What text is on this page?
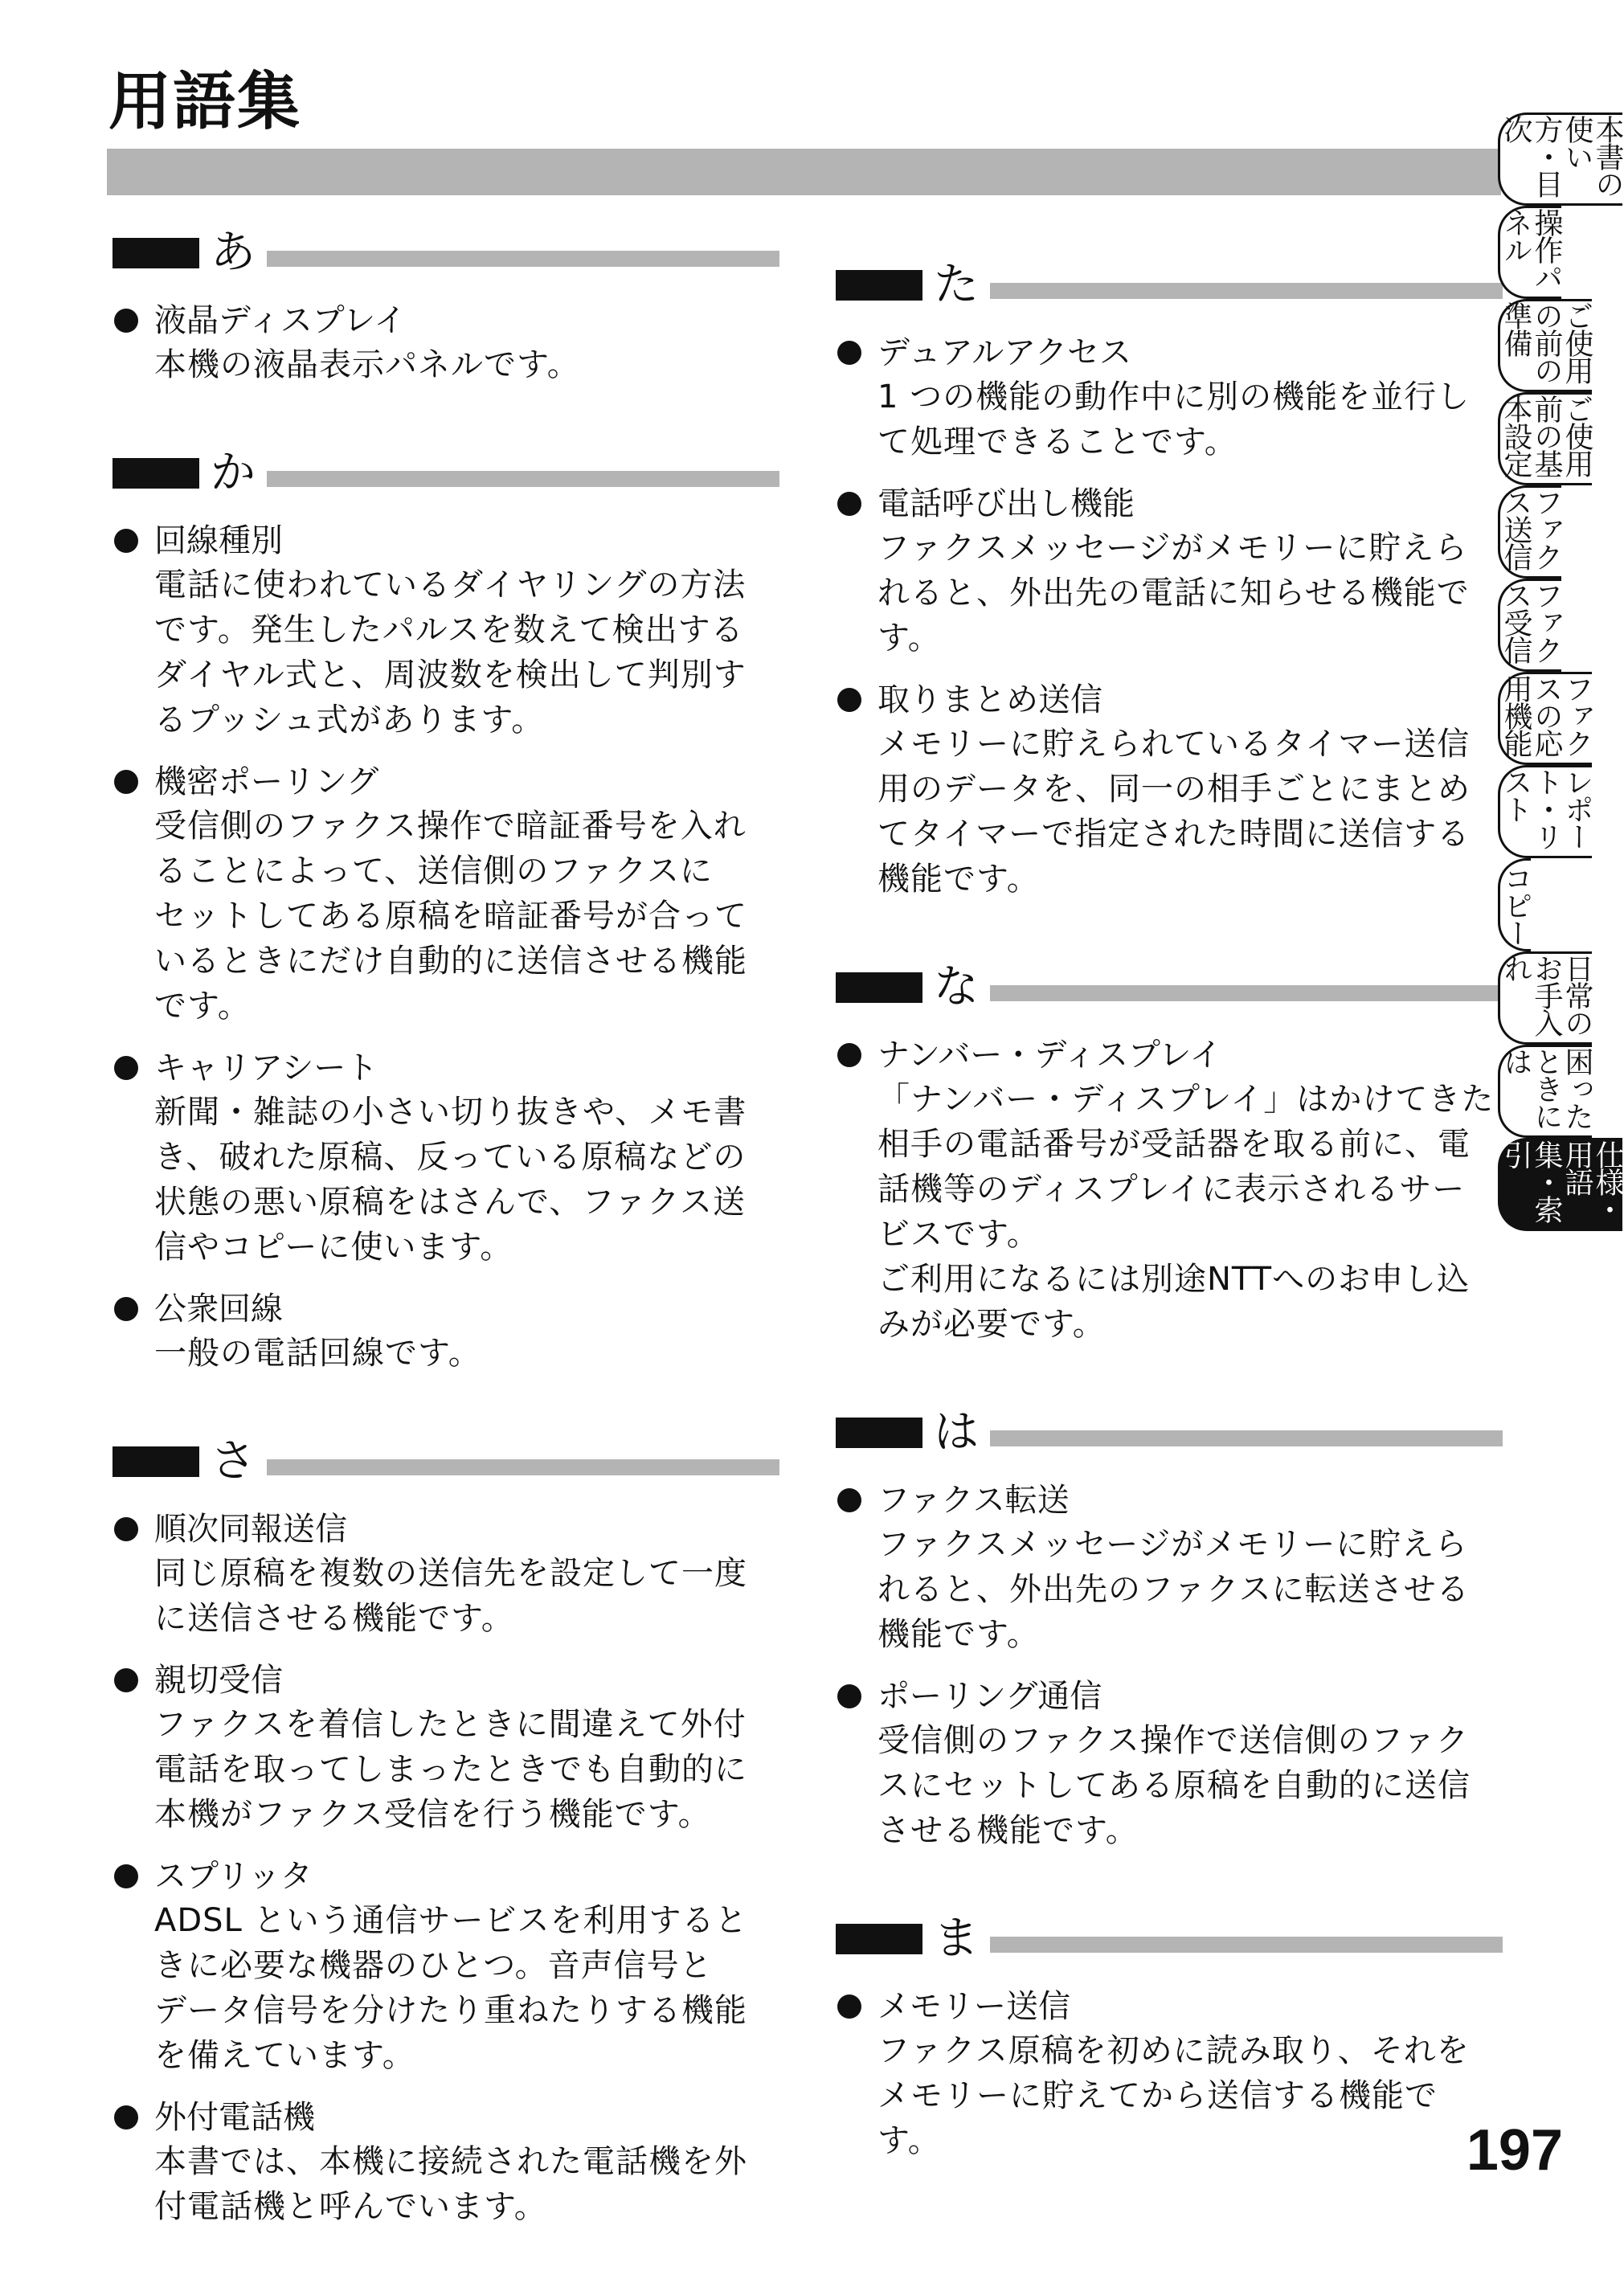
用語集
あ
液晶ディスプレイ
本機の液晶表示パネルです。
か
回線種別
電話に使われているダイヤリングの方法
です。発生したパルスを数えて検出する
ダイヤル式と、周波数を検出して判別す
るプッシュ式があります。
機密ポーリング
受信側のファクス操作で暗証番号を入れ
ることによって、送信側のファクスに
セットしてある原稿を暗証番号が合って
いるときにだけ自動的に送信させる機能
です。
キャリアシート
新聞・雑誌の小さい切り抜きや、メモ書
き、破れた原稿、反っている原稿などの
状態の悪い原稿をはさんで、ファクス送
信やコピーに使います。
公衆回線
一般の電話回線です。
さ
順次同報送信
同じ原稿を複数の送信先を設定して一度
に送信させる機能です。
親切受信
ファクスを着信したときに間違えて外付
電話を取ってしまったときでも自動的に
本機がファクス受信を行う機能です。
スプリッタ
ADSL という通信サービスを利用すると
きに必要な機器のひとつ。音声信号と
データ信号を分けたり重ねたりする機能
を備えています。
外付電話機
本書では、本機に接続された電話機を外
付電話機と呼んでいます。
た
デュアルアクセス
1 つの機能の動作中に別の機能を並行し
て処理できることです。
電話呼び出し機能
ファクスメッセージがメモリーに貯えら
れると、外出先の電話に知らせる機能で
す。
取りまとめ送信
メモリーに貯えられているタイマー送信
用のデータを、同一の相手ごとにまとめ
てタイマーで指定された時間に送信する
機能です。
な
ナンバー・ディスプレイ
「ナンバー・ディスプレイ」はかけてきた
相手の電話番号が受話器を取る前に、電
話機等のディスプレイに表示されるサー
ビスです。
ご利用になるには別途NTTへのお申し込
みが必要です。
は
ファクス転送
ファクスメッセージがメモリーに貯えら
れると、外出先のファクスに転送させる
機能です。
ポーリング通信
受信側のファクス操作で送信側のファク
スにセットしてある原稿を自動的に送信
させる機能です。
ま
メモリー送信
ファクス原稿を初めに読み取り、それを
メモリーに貯えてから送信する機能で
す。
本書の使い方・目次
操作パネル
ご使用の前の準備
ご使用前の基本設定
ファクス送信
ファクス受信
ファクスの応用機能
レポート・リスト
コピー
日常のお手入れ
困ったときには
仕様・用語集・索引
197
